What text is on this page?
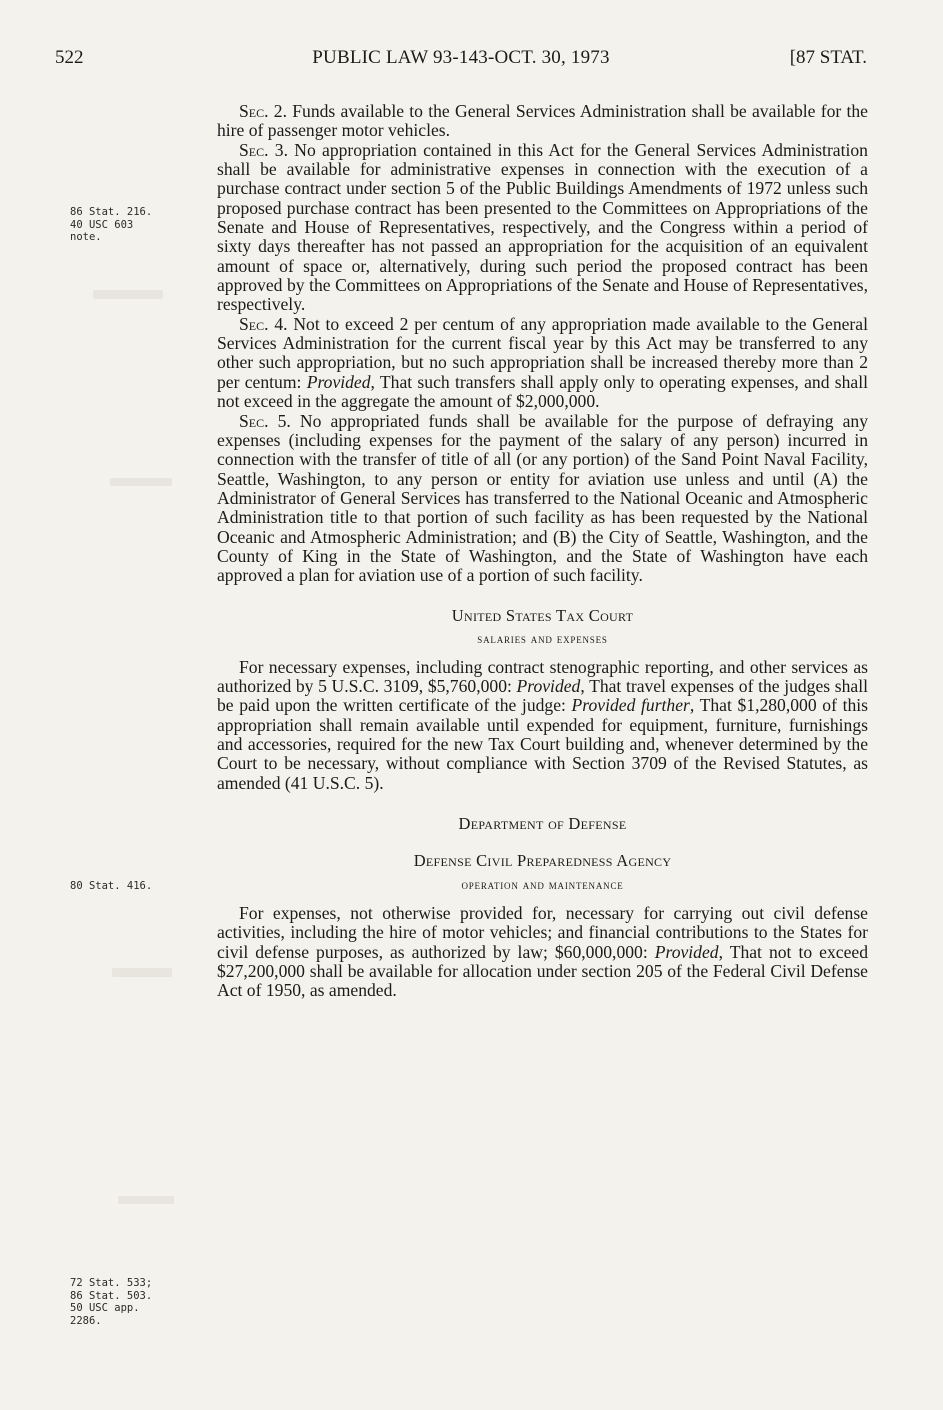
522	PUBLIC LAW 93-143-OCT. 30, 1973	[87 STAT.
86 Stat. 216.
40 USC 603
note.
80 Stat. 416.
72 Stat. 533;
86 Stat. 503.
50 USC app.
2286.

Sec. 2. Funds available to the General Services Administration shall be available for the hire of passenger motor vehicles.

Sec. 3. No appropriation contained in this Act for the General Services Administration shall be available for administrative expenses in connection with the execution of a purchase contract under section 5 of the Public Buildings Amendments of 1972 unless such proposed purchase contract has been presented to the Committees on Appropriations of the Senate and House of Representatives, respectively, and the Congress within a period of sixty days thereafter has not passed an appropriation for the acquisition of an equivalent amount of space or, alternatively, during such period the proposed contract has been approved by the Committees on Appropriations of the Senate and House of Representatives, respectively.

Sec. 4. Not to exceed 2 per centum of any appropriation made available to the General Services Administration for the current fiscal year by this Act may be transferred to any other such appropriation, but no such appropriation shall be increased thereby more than 2 per centum: Provided, That such transfers shall apply only to operating expenses, and shall not exceed in the aggregate the amount of $2,000,000.

Sec. 5. No appropriated funds shall be available for the purpose of defraying any expenses (including expenses for the payment of the salary of any person) incurred in connection with the transfer of title of all (or any portion) of the Sand Point Naval Facility, Seattle, Washington, to any person or entity for aviation use unless and until (A) the Administrator of General Services has transferred to the National Oceanic and Atmospheric Administration title to that portion of such facility as has been requested by the National Oceanic and Atmospheric Administration; and (B) the City of Seattle, Washington, and the County of King in the State of Washington, and the State of Washington have each approved a plan for aviation use of a portion of such facility.

United States Tax Court

salaries and expenses

For necessary expenses, including contract stenographic reporting, and other services as authorized by 5 U.S.C. 3109, $5,760,000: Provided, That travel expenses of the judges shall be paid upon the written certificate of the judge: Provided further, That $1,280,000 of this appropriation shall remain available until expended for equipment, furniture, furnishings and accessories, required for the new Tax Court building and, whenever determined by the Court to be necessary, without compliance with Section 3709 of the Revised Statutes, as amended (41 U.S.C. 5).

Department of Defense

Defense Civil Preparedness Agency

operation and maintenance

For expenses, not otherwise provided for, necessary for carrying out civil defense activities, including the hire of motor vehicles; and financial contributions to the States for civil defense purposes, as authorized by law; $60,000,000: Provided, That not to exceed $27,200,000 shall be available for allocation under section 205 of the Federal Civil Defense Act of 1950, as amended.
